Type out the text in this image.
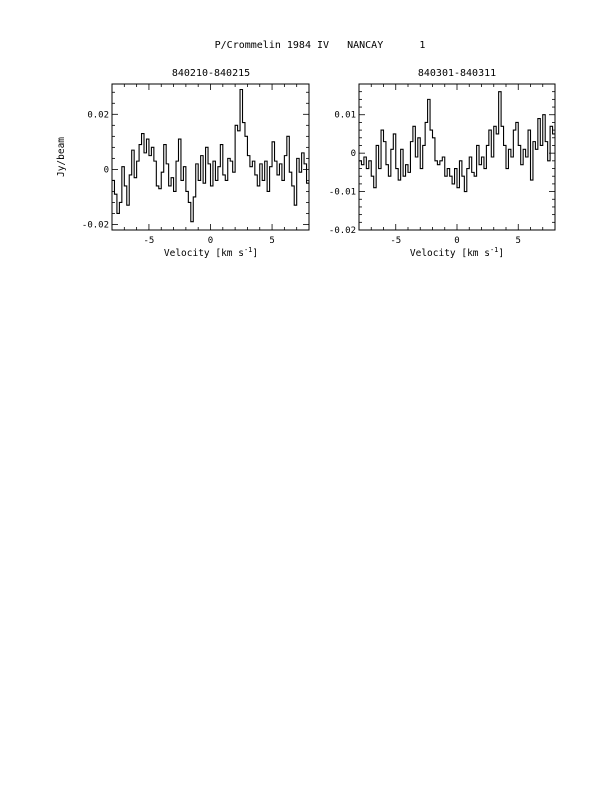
P/Crommelin 1984 IV   NANCAY      1
840210-840215
Jy/beam
Velocity [km $s^{-1}$]
-5	0	5
-0.02
0
0.02
840301-840311
Velocity [km $s^{-1}$]
-5	0	5
-0.02
-0.01
0
0.01
